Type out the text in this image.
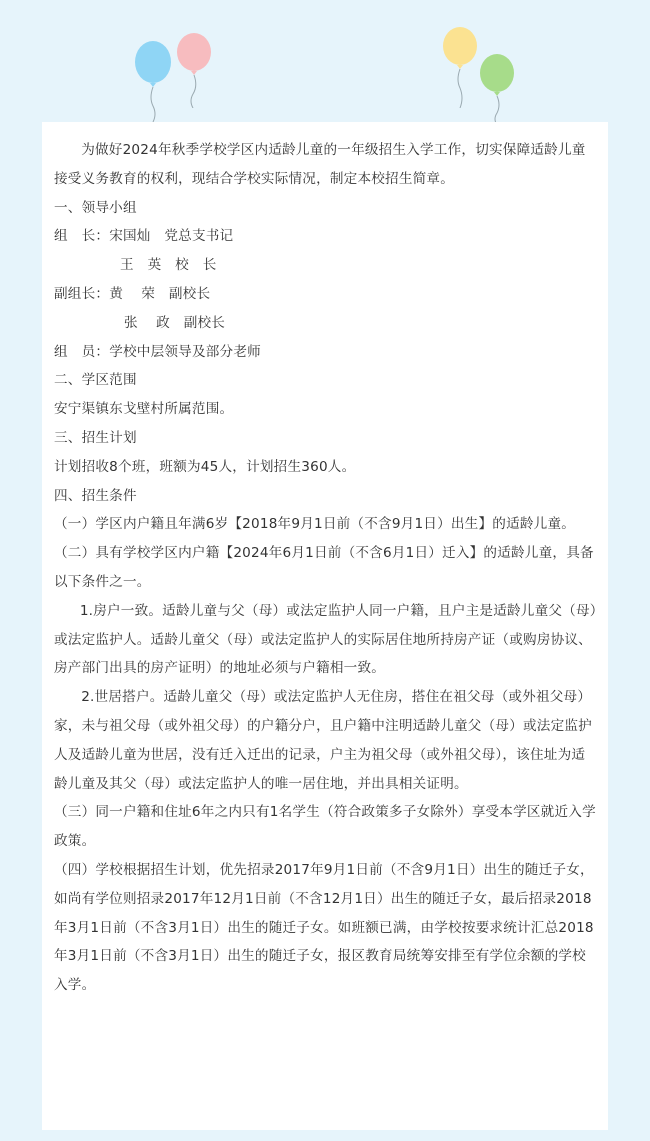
为做好2024年秋季学校学区内适龄儿童的一年级招生入学工作，切实保障适龄儿童接受义务教育的权利，现结合学校实际情况，制定本校招生简章。

一、领导小组

组　长：宋国灿　党总支书记

王　英　校　长

副组长：黄　 荣　副校长

张　 政　副校长

组　员：学校中层领导及部分老师

二、学区范围

安宁渠镇东戈壁村所属范围。

三、招生计划

计划招收8个班，班额为45人，计划招生360人。

四、招生条件

（一）学区内户籍且年满6岁【2018年9月1日前（不含9月1日）出生】的适龄儿童。

（二）具有学校学区内户籍【2024年6月1日前（不含6月1日）迁入】的适龄儿童，具备以下条件之一。

1.房户一致。适龄儿童与父（母）或法定监护人同一户籍，且户主是适龄儿童父（母）或法定监护人。适龄儿童父（母）或法定监护人的实际居住地所持房产证（或购房协议、房产部门出具的房产证明）的地址必须与户籍相一致。

2.世居搭户。适龄儿童父（母）或法定监护人无住房，搭住在祖父母（或外祖父母）家，未与祖父母（或外祖父母）的户籍分户，且户籍中注明适龄儿童父（母）或法定监护人及适龄儿童为世居，没有迁入迁出的记录，户主为祖父母（或外祖父母），该住址为适龄儿童及其父（母）或法定监护人的唯一居住地，并出具相关证明。

（三）同一户籍和住址6年之内只有1名学生（符合政策多子女除外）享受本学区就近入学政策。

（四）学校根据招生计划，优先招录2017年9月1日前（不含9月1日）出生的随迁子女，如尚有学位则招录2017年12月1日前（不含12月1日）出生的随迁子女，最后招录2018年3月1日前（不含3月1日）出生的随迁子女。如班额已满，由学校按要求统计汇总2018年3月1日前（不含3月1日）出生的随迁子女，报区教育局统筹安排至有学位余额的学校入学。
